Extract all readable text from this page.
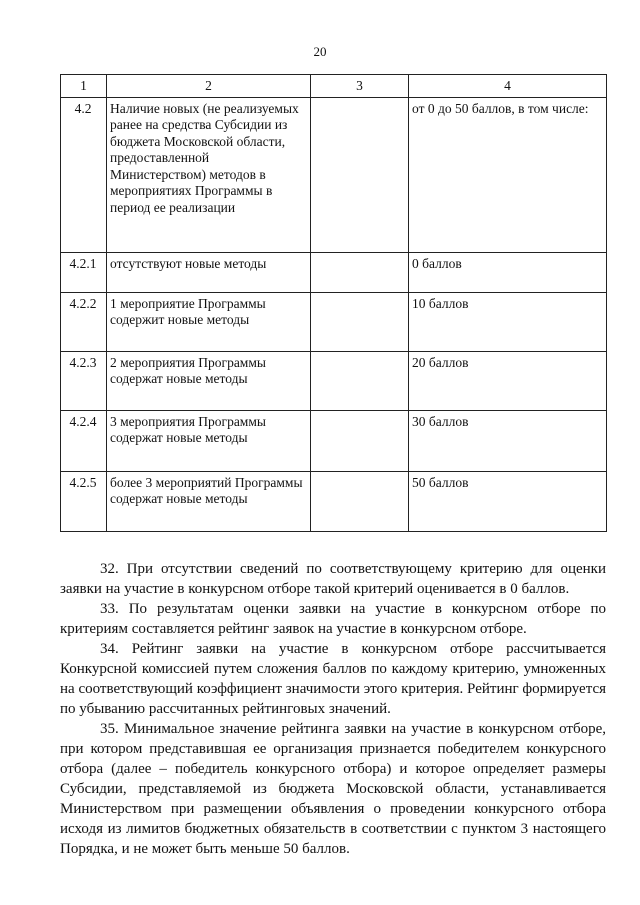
20
1	2	3	4
4.2	Наличие новых (не реализуемых ранее на средства Субсидии из бюджета Московской области, предоставленной Министерством) методов в мероприятиях Программы в период ее реализации		от 0 до 50 баллов, в том числе:
4.2.1	отсутствуют новые методы		0 баллов
4.2.2	1 мероприятие Программы содержит новые методы		10 баллов
4.2.3	2 мероприятия Программы содержат новые методы		20 баллов
4.2.4	3 мероприятия Программы содержат новые методы		30 баллов
4.2.5	более 3 мероприятий Программы содержат новые методы		50 баллов

32. При отсутствии сведений по соответствующему критерию для оценки заявки на участие в конкурсном отборе такой критерий оценивается в 0 баллов.

33. По результатам оценки заявки на участие в конкурсном отборе по критериям составляется рейтинг заявок на участие в конкурсном отборе.

34. Рейтинг заявки на участие в конкурсном отборе рассчитывается Конкурсной комиссией путем сложения баллов по каждому критерию, умноженных на соответствующий коэффициент значимости этого критерия. Рейтинг формируется по убыванию рассчитанных рейтинговых значений.

35. Минимальное значение рейтинга заявки на участие в конкурсном отборе, при котором представившая ее организация признается победителем конкурсного отбора (далее – победитель конкурсного отбора) и которое определяет размеры Субсидии, представляемой из бюджета Московской области, устанавливается Министерством при размещении объявления о проведении конкурсного отбора исходя из лимитов бюджетных обязательств в соответствии с пунктом 3 настоящего Порядка, и не может быть меньше 50 баллов.
